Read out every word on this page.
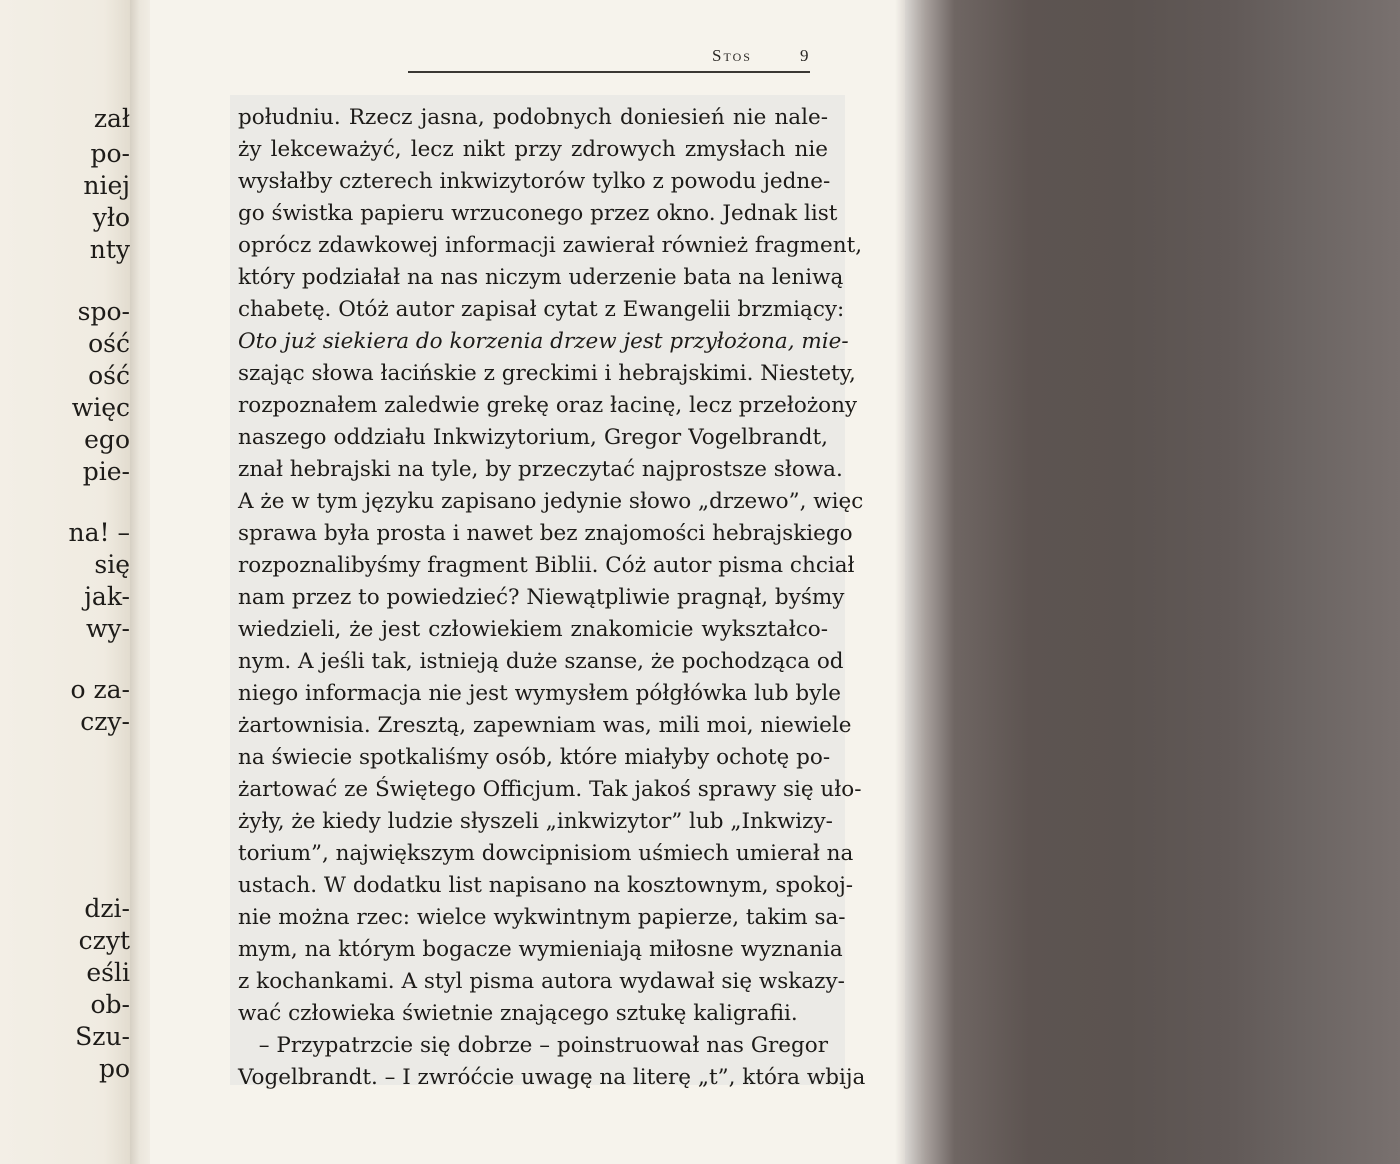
zał
po-
niej
yło
nty
spo-
ość
ość
więc
ego
pie-
na! –
się
jak-
wy-
o za-
czy-
dzi-
czyt
eśli
ob-
Szu-
po
Stos	9
południu. Rzecz jasna, podobnych doniesień nie nale-
ży lekceważyć, lecz nikt przy zdrowych zmysłach nie
wysłałby czterech inkwizytorów tylko z powodu jedne-
go świstka papieru wrzuconego przez okno. Jednak list
oprócz zdawkowej informacji zawierał również fragment,
który podziałał na nas niczym uderzenie bata na leniwą
chabetę. Otóż autor zapisał cytat z Ewangelii brzmiący:
Oto już siekiera do korzenia drzew jest przyłożona, mie-
szając słowa łacińskie z greckimi i hebrajskimi. Niestety,
rozpoznałem zaledwie grekę oraz łacinę, lecz przełożony
naszego oddziału Inkwizytorium, Gregor Vogelbrandt,
znał hebrajski na tyle, by przeczytać najprostsze słowa.
A że w tym języku zapisano jedynie słowo „drzewo”, więc
sprawa była prosta i nawet bez znajomości hebrajskiego
rozpoznalibyśmy fragment Biblii. Cóż autor pisma chciał
nam przez to powiedzieć? Niewątpliwie pragnął, byśmy
wiedzieli, że jest człowiekiem znakomicie wykształco-
nym. A jeśli tak, istnieją duże szanse, że pochodząca od
niego informacja nie jest wymysłem półgłówka lub byle
żartownisia. Zresztą, zapewniam was, mili moi, niewiele
na świecie spotkaliśmy osób, które miałyby ochotę po-
żartować ze Świętego Officjum. Tak jakoś sprawy się uło-
żyły, że kiedy ludzie słyszeli „inkwizytor” lub „Inkwizy-
torium”, największym dowcipnisiom uśmiech umierał na
ustach. W dodatku list napisano na kosztownym, spokoj-
nie można rzec: wielce wykwintnym papierze, takim sa-
mym, na którym bogacze wymieniają miłosne wyznania
z kochankami. A styl pisma autora wydawał się wskazy-
wać człowieka świetnie znającego sztukę kaligrafii.
– Przypatrzcie się dobrze – poinstruował nas Gregor
Vogelbrandt. – I zwróćcie uwagę na literę „t”, która wbija
